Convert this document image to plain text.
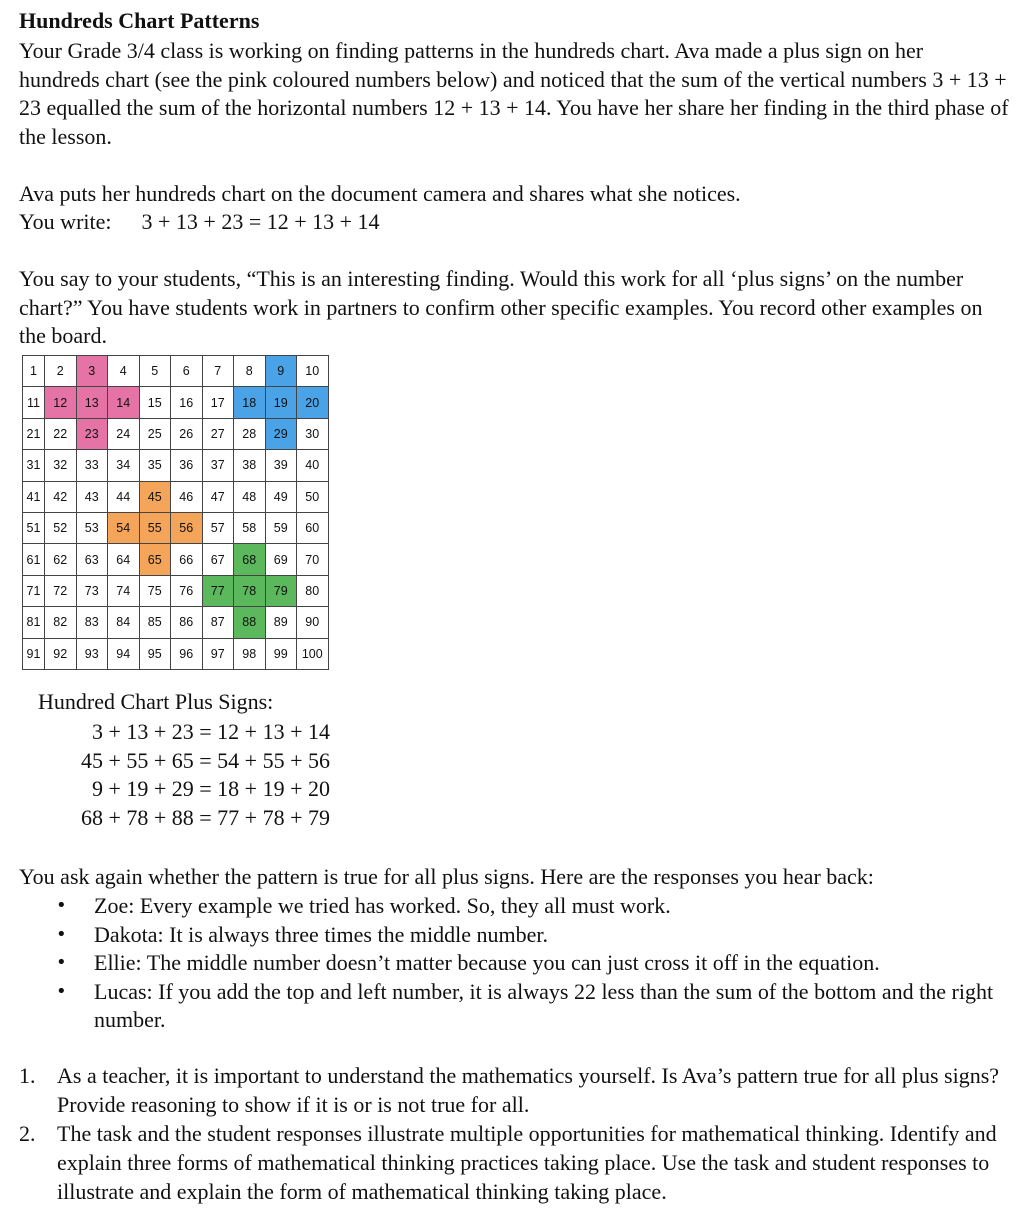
Hundreds Chart Patterns

Your Grade 3/4 class is working on finding patterns in the hundreds chart. Ava made a plus sign on her hundreds chart (see the pink coloured numbers below) and noticed that the sum of the vertical numbers 3 + 13 + 23 equalled the sum of the horizontal numbers 12 + 13 + 14. You have her share her finding in the third phase of the lesson.

Ava puts her hundreds chart on the document camera and shares what she notices.

You write: 3 + 13 + 23 = 12 + 13 + 14

You say to your students, “This is an interesting finding. Would this work for all ‘plus signs’ on the number chart?” You have students work in partners to confirm other specific examples. You record other examples on the board.

1	2	3	4	5	6	7	8	9	10
11	12	13	14	15	16	17	18	19	20
21	22	23	24	25	26	27	28	29	30
31	32	33	34	35	36	37	38	39	40
41	42	43	44	45	46	47	48	49	50
51	52	53	54	55	56	57	58	59	60
61	62	63	64	65	66	67	68	69	70
71	72	73	74	75	76	77	78	79	80
81	82	83	84	85	86	87	88	89	90
91	92	93	94	95	96	97	98	99	100
Hundred Chart Plus Signs:
3 + 13 + 23 = 12 + 13 + 14
45 + 55 + 65 = 54 + 55 + 56
9 + 19 + 29 = 18 + 19 + 20
68 + 78 + 88 = 77 + 78 + 79

You ask again whether the pattern is true for all plus signs. Here are the responses you hear back:

• Zoe: Every example we tried has worked. So, they all must work.
• Dakota: It is always three times the middle number.
• Ellie: The middle number doesn’t matter because you can just cross it off in the equation.
• Lucas: If you add the top and left number, it is always 22 less than the sum of the bottom and the right number.
1. As a teacher, it is important to understand the mathematics yourself. Is Ava’s pattern true for all plus signs? Provide reasoning to show if it is or is not true for all.
2. The task and the student responses illustrate multiple opportunities for mathematical thinking. Identify and explain three forms of mathematical thinking practices taking place. Use the task and student responses to illustrate and explain the form of mathematical thinking taking place.
